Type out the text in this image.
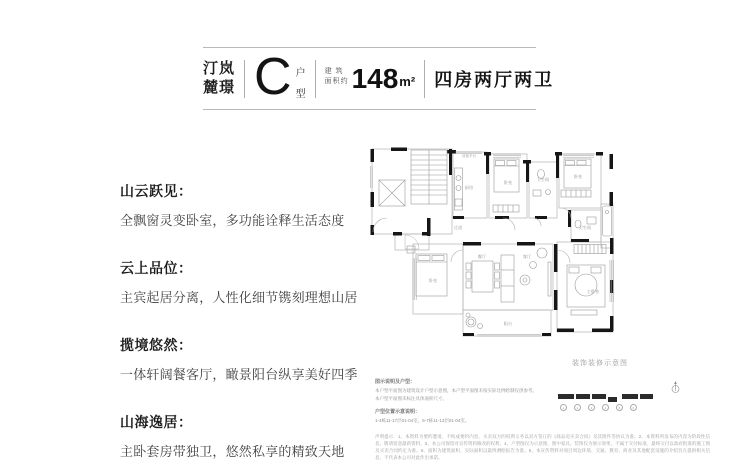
汀岚
麓璟 C 户
型
建 筑
面积约 148 m² 四房两厅两卫
山云跃见：
全飘窗灵变卧室，多功能诠释生活态度
云上品位：
主宾起居分离，人性化细节镌刻理想山居
揽境悠然：
一体轩阔餐客厅，瞰景阳台纵享美好四季
山海逸居：
主卧套房带独卫，悠然私享的精致天地
设备平台
厨房
卧室
卫生间
卧室
过道	卫生间
卧室
餐厅	客厅
阳台
主卧室
装饰装修示意图
图示说明及户型：
本户型平面图为建筑设计户型示意图，本户型平面图未按实际比例绘制仅供参考。
本户型平面图未标注具体面积尺寸。
户型位置示意说明：
1-4栋11-17层01-04室，5-7栋11-13层01-04室。
声明提示：1、本资料为要约邀请，不构成要约内容，买卖双方的权利义务以双方签订的《商品房买卖合同》及其附件等协议为准。2、本资料所发布的内容为阶段性信息，敬请留意最新资料。3、本公司保留对宣传资料修改的权利。4、户型图仅为示意图，图中家具、装饰仅为展示效果，不属于交付标准，最终交付以政府批准的施工图及买卖合同约定为准。5、面积为建筑面积，实际面积以最终测绘报告为准。6、本宣传资料对项目周边环境、交通、教育、商业及其他配套设施的介绍旨在提供相关信息，不代表本公司对此作出承诺。
1	2	3	4	5	6
